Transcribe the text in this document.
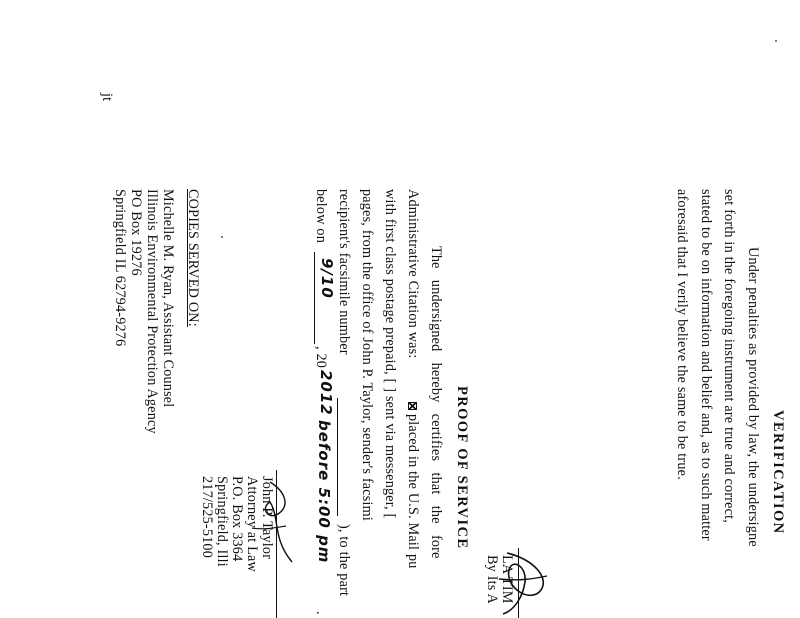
VERIFICATION
Under penalties as provided by law, the undersigne
set forth in the foregoing instrument are true and correct,
stated to be on information and belief and, as to such matter
aforesaid that I verily believe the same to be true.
LA TIM
By Its A
PROOF OF SERVICE
The   undersigned   hereby   certifies   that   the   fore
Administrative Citation was:
placed in the U.S. Mail pu
with first class postage prepaid, [ ] sent via messenger, [
pages, from the office of John P. Taylor, sender's facsimi
recipient's facsimile number
), to the part
below on
9/10
, 20
2012
before 5:00 pm
.
John P. Taylor
Attorney at Law
P.O. Box 3364
Springfield, Illi
217/525-5100
COPIES SERVED ON:
Michelle M. Ryan, Assistant Counsel
Illinois Environmental Protection Agency
PO Box 19276
Springfield IL 62794-9276
jt
